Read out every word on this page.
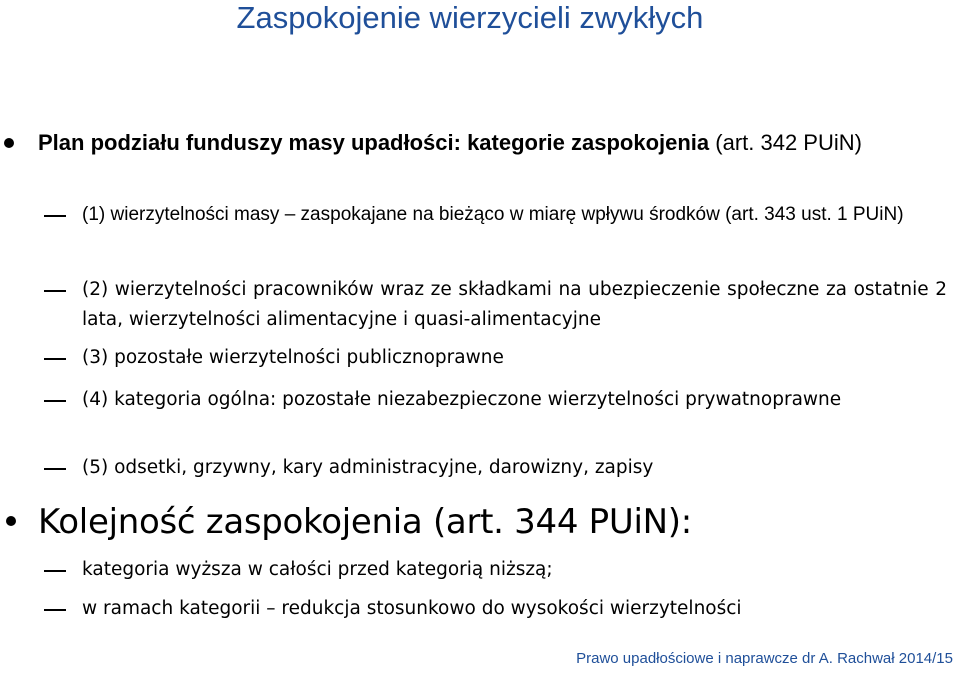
Zaspokojenie wierzycieli zwykłych
Plan podziału funduszy masy upadłości: kategorie zaspokojenia (art. 342 PUiN)
(1) wierzytelności masy – zaspokajane na bieżąco w miarę wpływu środków (art. 343 ust. 1 PUiN)
(2) wierzytelności pracowników wraz ze składkami na ubezpieczenie społeczne za ostatnie 2 lata, wierzytelności alimentacyjne i quasi-alimentacyjne
(3) pozostałe wierzytelności publicznoprawne
(4) kategoria ogólna: pozostałe niezabezpieczone wierzytelności prywatnoprawne
(5) odsetki, grzywny, kary administracyjne, darowizny, zapisy
Kolejność zaspokojenia (art. 344 PUiN):
kategoria wyższa w całości przed kategorią niższą;
w ramach kategorii – redukcja stosunkowo do wysokości wierzytelności
Prawo upadłościowe i naprawcze dr A. Rachwał 2014/15
